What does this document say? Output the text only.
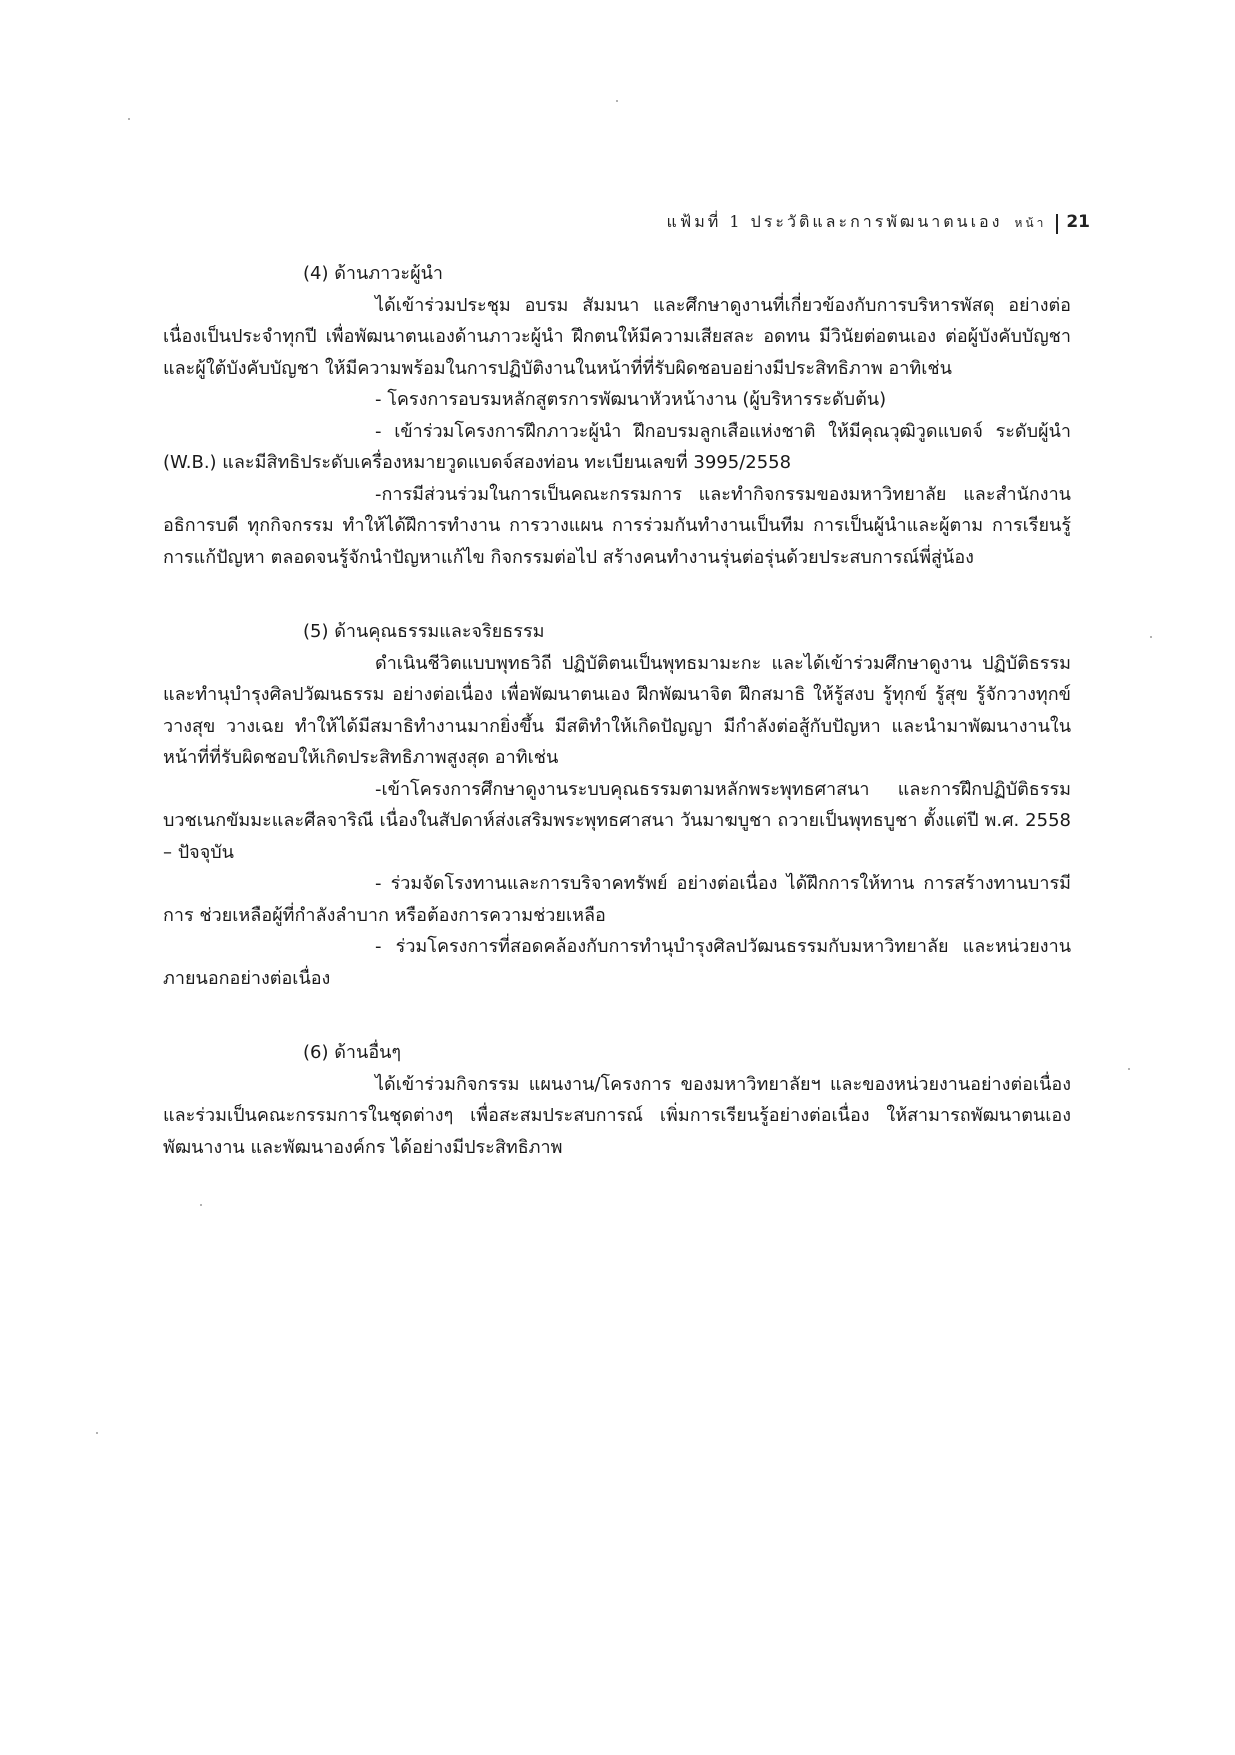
แฟ้มที่ 1 ประวัติและการพัฒนาตนเอง หน้า 21
(4) ด้านภาวะผู้นำ

ได้เข้าร่วมประชุม อบรม สัมมนา และศึกษาดูงานที่เกี่ยวข้องกับการบริหารพัสดุ อย่างต่อเนื่องเป็นประจำทุกปี เพื่อพัฒนาตนเองด้านภาวะผู้นำ ฝึกตนให้มีความเสียสละ อดทน มีวินัยต่อตนเอง ต่อผู้บังคับบัญชา และผู้ใต้บังคับบัญชา ให้มีความพร้อมในการปฏิบัติงานในหน้าที่ที่รับผิดชอบอย่างมีประสิทธิภาพ อาทิเช่น

- โครงการอบรมหลักสูตรการพัฒนาหัวหน้างาน (ผู้บริหารระดับต้น)

- เข้าร่วมโครงการฝึกภาวะผู้นำ ฝึกอบรมลูกเสือแห่งชาติ ให้มีคุณวุฒิวูดแบดจ์ ระดับผู้นำ (W.B.) และมีสิทธิประดับเครื่องหมายวูดแบดจ์สองท่อน ทะเบียนเลขที่ 3995/2558

-การมีส่วนร่วมในการเป็นคณะกรรมการ และทำกิจกรรมของมหาวิทยาลัย และสำนักงานอธิการบดี ทุกกิจกรรม ทำให้ได้ฝึการทำงาน การวางแผน การร่วมกันทำงานเป็นทีม การเป็นผู้นำและผู้ตาม การเรียนรู้การแก้ปัญหา ตลอดจนรู้จักนำปัญหาแก้ไข กิจกรรมต่อไป สร้างคนทำงานรุ่นต่อรุ่นด้วยประสบการณ์พี่สู่น้อง

(5) ด้านคุณธรรมและจริยธรรม

ดำเนินชีวิตแบบพุทธวิถี ปฏิบัติตนเป็นพุทธมามะกะ และได้เข้าร่วมศึกษาดูงาน ปฏิบัติธรรม และทำนุบำรุงศิลปวัฒนธรรม อย่างต่อเนื่อง เพื่อพัฒนาตนเอง ฝึกพัฒนาจิต ฝึกสมาธิ ให้รู้สงบ รู้ทุกข์ รู้สุข รู้จักวางทุกข์ วางสุข วางเฉย ทำให้ได้มีสมาธิทำงานมากยิ่งขึ้น มีสติทำให้เกิดปัญญา มีกำลังต่อสู้กับปัญหา และนำมาพัฒนางานในหน้าที่ที่รับผิดชอบให้เกิดประสิทธิภาพสูงสุด อาทิเช่น

-เข้าโครงการศึกษาดูงานระบบคุณธรรมตามหลักพระพุทธศาสนา และการฝึกปฏิบัติธรรมบวชเนกขัมมะและศีลจาริณี เนื่องในสัปดาห์ส่งเสริมพระพุทธศาสนา วันมาฆบูชา ถวายเป็นพุทธบูชา ตั้งแต่ปี พ.ศ. 2558 – ปัจจุบัน

- ร่วมจัดโรงทานและการบริจาคทรัพย์ อย่างต่อเนื่อง ได้ฝึกการให้ทาน การสร้างทานบารมี การ ช่วยเหลือผู้ที่กำลังลำบาก หรือต้องการความช่วยเหลือ

- ร่วมโครงการที่สอดคล้องกับการทำนุบำรุงศิลปวัฒนธรรมกับมหาวิทยาลัย และหน่วยงานภายนอกอย่างต่อเนื่อง

(6) ด้านอื่นๆ

ได้เข้าร่วมกิจกรรม แผนงาน/โครงการ ของมหาวิทยาลัยฯ และของหน่วยงานอย่างต่อเนื่อง และร่วมเป็นคณะกรรมการในชุดต่างๆ เพื่อสะสมประสบการณ์ เพิ่มการเรียนรู้อย่างต่อเนื่อง ให้สามารถพัฒนาตนเอง พัฒนางาน และพัฒนาองค์กร ได้อย่างมีประสิทธิภาพ
